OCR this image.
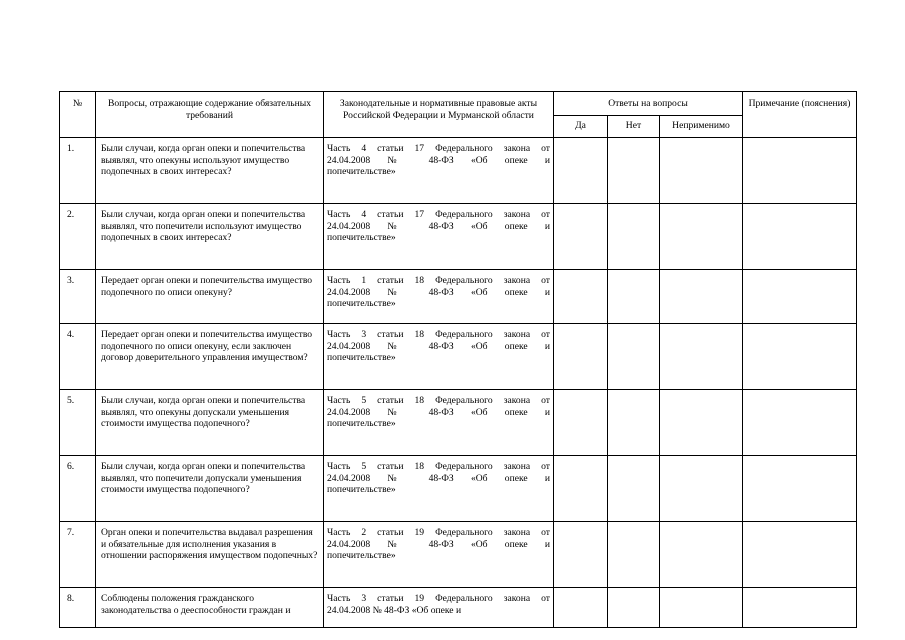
№	Вопросы, отражающие содержание обязательных требований	Законодательные и нормативные правовые акты Российской Федерации и Мурманской области	Ответы на вопросы			Примечание (пояснения)
			Да	Нет	Неприменимо	
1.	Были случаи, когда орган опеки и попечительства выявлял, что опекуны используют имущество подопечных в своих интересах?	Часть 4 статьи 17 Федерального закона от
24.04.2008 № 48-ФЗ «Об опеке и
попечительстве»				

2.	Были случаи, когда орган опеки и попечительства выявлял, что попечители используют имущество подопечных в своих интересах?	Часть 4 статьи 17 Федерального закона от
24.04.2008 № 48-ФЗ «Об опеке и
попечительстве»				

3.	Передает орган опеки и попечительства имущество подопечного по описи опекуну?	Часть 1 статьи 18 Федерального закона от
24.04.2008 № 48-ФЗ «Об опеке и
попечительстве»				

4.	Передает орган опеки и попечительства имущество подопечного по описи опекуну, если заключен договор доверительного управления имуществом?	Часть 3 статьи 18 Федерального закона от
24.04.2008 № 48-ФЗ «Об опеке и
попечительстве»				

5.	Были случаи, когда орган опеки и попечительства выявлял, что опекуны допускали уменьшения стоимости имущества подопечного?	Часть 5 статьи 18 Федерального закона от
24.04.2008 № 48-ФЗ «Об опеке и
попечительстве»				

6.	Были случаи, когда орган опеки и попечительства выявлял, что попечители допускали уменьшения стоимости имущества подопечного?	Часть 5 статьи 18 Федерального закона от
24.04.2008 № 48-ФЗ «Об опеке и
попечительстве»				

7.	Орган опеки и попечительства выдавал разрешения и обязательные для исполнения указания в отношении распоряжения имуществом подопечных?	Часть 2 статьи 19 Федерального закона от
24.04.2008 № 48-ФЗ «Об опеке и
попечительстве»				

8.	Соблюдены положения гражданского законодательства о дееспособности граждан и	Часть 3 статьи 19 Федерального закона от
24.04.2008 № 48-ФЗ «Об опеке и				
